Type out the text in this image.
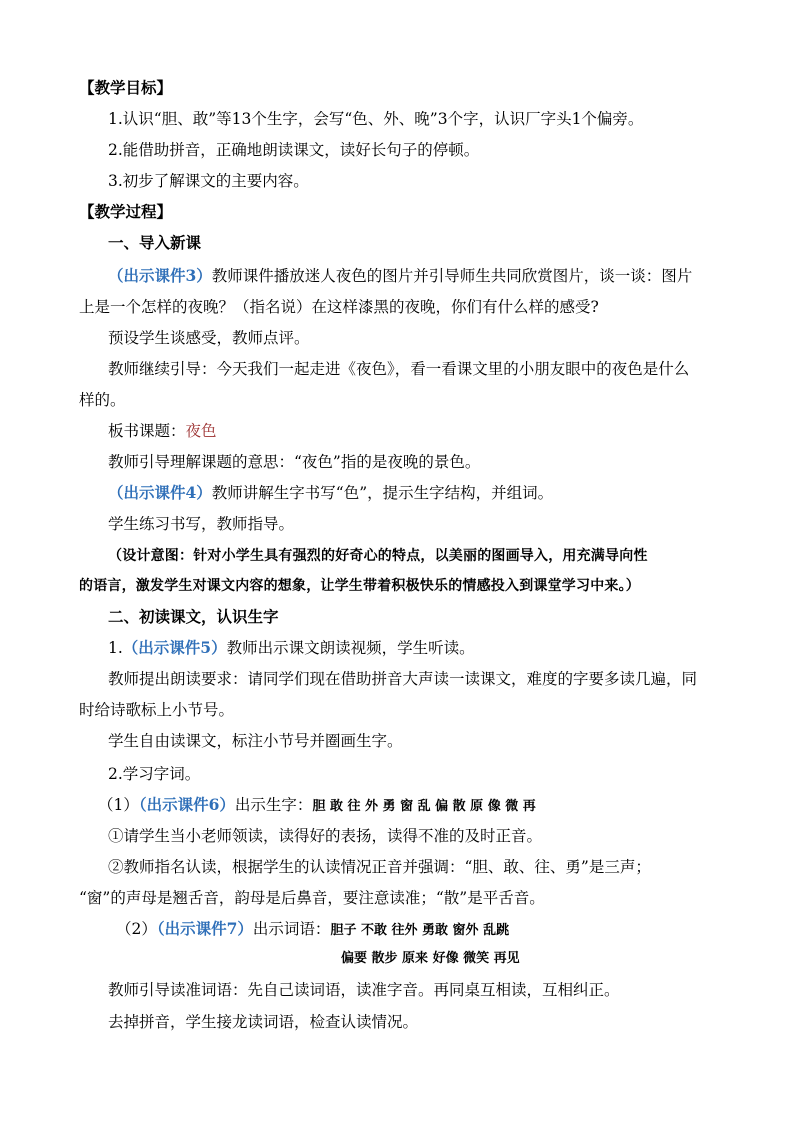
【教学目标】
1.认识“胆、敢”等13个生字，会写“色、外、晚”3个字，认识厂字头1个偏旁。
2.能借助拼音，正确地朗读课文，读好长句子的停顿。
3.初步了解课文的主要内容。
【教学过程】
一、导入新课
（出示课件3）教师课件播放迷人夜色的图片并引导师生共同欣赏图片，谈一谈：图片
上是一个怎样的夜晚？（指名说）在这样漆黑的夜晚，你们有什么样的感受?
预设学生谈感受，教师点评。
教师继续引导：今天我们一起走进《夜色》，看一看课文里的小朋友眼中的夜色是什么
样的。
板书课题：夜色
教师引导理解课题的意思：“夜色”指的是夜晚的景色。
（出示课件4）教师讲解生字书写“色”，提示生字结构，并组词。
学生练习书写，教师指导。
（设计意图：针对小学生具有强烈的好奇心的特点，以美丽的图画导入，用充满导向性
的语言，激发学生对课文内容的想象，让学生带着积极快乐的情感投入到课堂学习中来。）
二、初读课文，认识生字
1.（出示课件5）教师出示课文朗读视频，学生听读。
教师提出朗读要求：请同学们现在借助拼音大声读一读课文，难度的字要多读几遍，同
时给诗歌标上小节号。
学生自由读课文，标注小节号并圈画生字。
2.学习字词。
（1）（出示课件6）出示生字：胆 敢 往 外 勇 窗 乱 偏 散 原 像 微 再
①请学生当小老师领读，读得好的表扬，读得不准的及时正音。
②教师指名认读，根据学生的认读情况正音并强调：“胆、敢、往、勇”是三声；
“窗”的声母是翘舌音，韵母是后鼻音，要注意读准；“散”是平舌音。
（2）（出示课件7）出示词语：胆子 不敢 往外 勇敢 窗外 乱跳
偏要 散步 原来 好像 微笑 再见
教师引导读准词语：先自己读词语，读准字音。再同桌互相读，互相纠正。
去掉拼音，学生接龙读词语，检查认读情况。
